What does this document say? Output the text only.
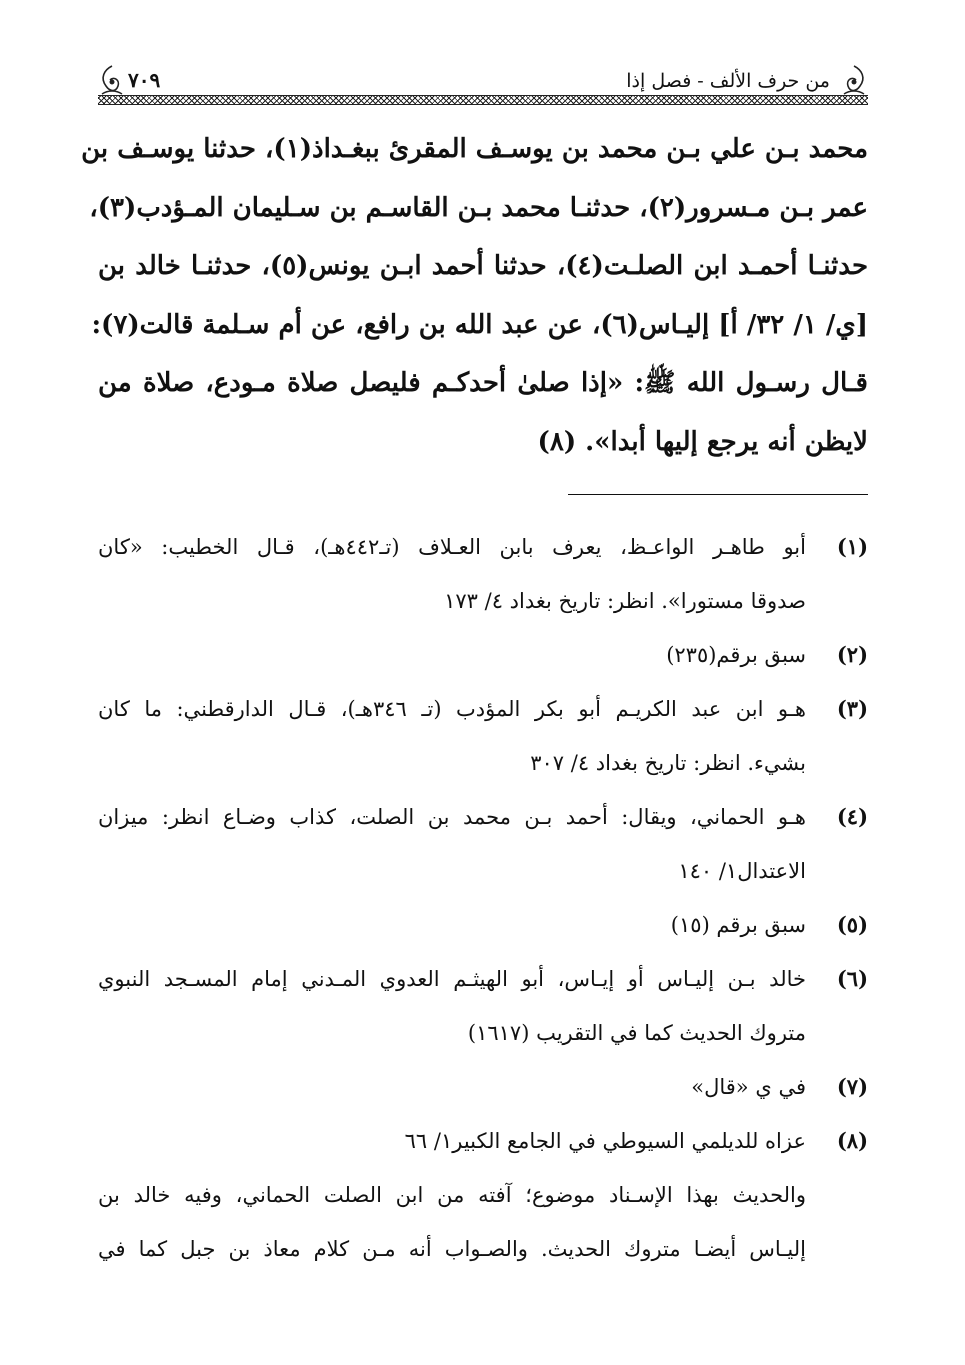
من حرف الألف - فصل إذا
٧٠٩
محمد بـن علي بـن محمد بن يوسـف المقرئ ببغـداذ(١)، حدثنا يوسـف بن
عمر بـن مـسرور(٢)، حدثنـا محمد بـن القاسـم بن سـليمان المـؤدب(٣)،
حدثنـا أحمـد ابن الصلـت(٤)، حدثنا أحمد ابـن يونس(٥)، حدثنـا خالد بن
[ي/ ١/ ٣٢/ أ] إليـاس(٦)، عن عبد الله بن رافع، عن أم سـلمة قالت(٧):
قـال رسـول الله ﷺ: «إذا صلىٰ أحدكـم فليصل صلاة مـودع، صلاة من
لايظن أنه يرجع إليها أبدا». (٨)
(١)
أبو طاهـر الواعـظ، يعرف بابن العـلاف (تـ٤٤٢هـ)، قـال الخطيب: «كان
صدوقا مستورا». انظر: تاريخ بغداد ٤/ ١٧٣
(٢)
سبق برقم(٢٣٥)
(٣)
هـو ابن عبد الكريـم أبو بكر المؤدب (تـ ٣٤٦هـ)، قـال الدارقطني: ما كان
بشيء. انظر: تاريخ بغداد ٤/ ٣٠٧
(٤)
هـو الحماني، ويقال: أحمد بـن محمد بن الصلت، كذاب وضـاع انظر: ميزان
الاعتدال١/ ١٤٠
(٥)
سبق برقم (١٥)
(٦)
خالد بـن إليـاس أو إيـاس، أبو الهيثـم العدوي المـدني إمام المسـجد النبوي
متروك الحديث كما في التقريب (١٦١٧)
(٧)
في ي «قال»
(٨)
عزاه للديلمي السيوطي في الجامع الكبير١/ ٦٦
والحديث بهذا الإسـناد موضوع؛ آفته من ابن الصلت الحماني، وفيه خالد بن
إليـاس أيضـا متروك الحديث. والصـواب أنه مـن كلام معاذ بن جبل كما في
